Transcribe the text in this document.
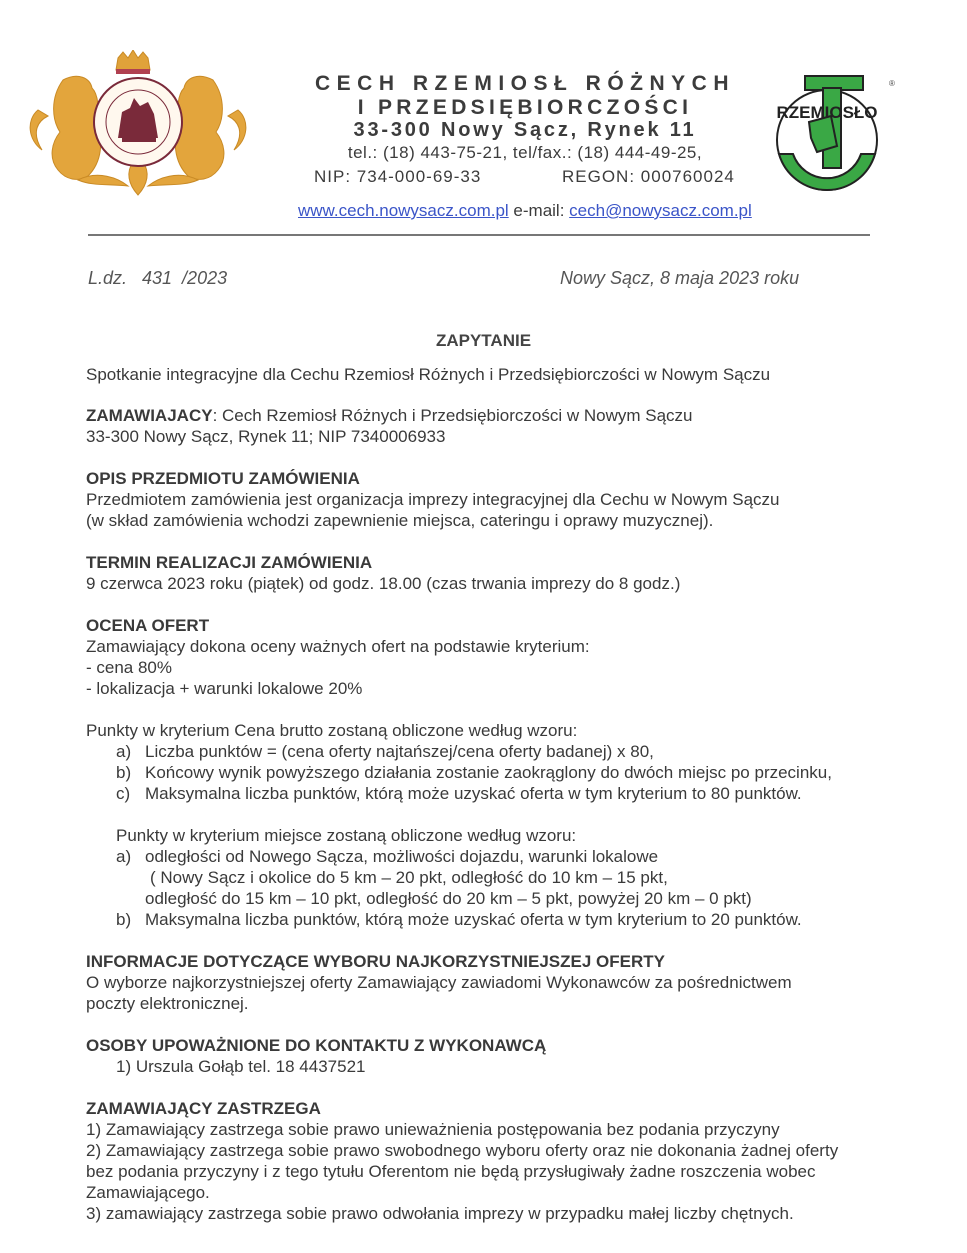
CECH RZEMIOSŁ RÓŻNYCH
I PRZEDSIĘBIORCZOŚCI
33-300 Nowy Sącz, Rynek 11
tel.: (18) 443-75-21, tel/fax.: (18) 444-49-25,
NIP: 734-000-69-33	REGON: 000760024
www.cech.nowysacz.com.pl e-mail: cech@nowysacz.com.pl
RZEMIOSŁO
®
L.dz.   431  /2023	Nowy Sącz, 8 maja 2023 roku
ZAPYTANIE
Spotkanie integracyjne dla Cechu Rzemiosł Różnych i Przedsiębiorczości w Nowym Sączu
ZAMAWIAJACY: Cech Rzemiosł Różnych i Przedsiębiorczości w Nowym Sączu
33-300 Nowy Sącz, Rynek 11; NIP 7340006933
OPIS PRZEDMIOTU ZAMÓWIENIA
Przedmiotem zamówienia jest organizacja imprezy integracyjnej dla Cechu w Nowym Sączu
(w skład zamówienia wchodzi zapewnienie miejsca, cateringu i oprawy muzycznej).
TERMIN REALIZACJI ZAMÓWIENIA
9 czerwca 2023 roku (piątek) od godz. 18.00 (czas trwania imprezy do 8 godz.)
OCENA OFERT
Zamawiający dokona oceny ważnych ofert na podstawie kryterium:
- cena 80%
- lokalizacja + warunki lokalowe 20%
Punkty w kryterium Cena brutto zostaną obliczone według wzoru:
a) Liczba punktów = (cena oferty najtańszej/cena oferty badanej) x 80,
b) Końcowy wynik powyższego działania zostanie zaokrąglony do dwóch miejsc po przecinku,
c) Maksymalna liczba punktów, którą może uzyskać oferta w tym kryterium to 80 punktów.
Punkty w kryterium miejsce zostaną obliczone według wzoru:
a) odległości od Nowego Sącza, możliwości dojazdu, warunki lokalowe
( Nowy Sącz i okolice do 5 km – 20 pkt, odległość do 10 km – 15 pkt,
odległość do 15 km – 10 pkt, odległość do 20 km – 5 pkt, powyżej 20 km – 0 pkt)
b) Maksymalna liczba punktów, którą może uzyskać oferta w tym kryterium to 20 punktów.
INFORMACJE DOTYCZĄCE WYBORU NAJKORZYSTNIEJSZEJ OFERTY
O wyborze najkorzystniejszej oferty Zamawiający zawiadomi Wykonawców za pośrednictwem
poczty elektronicznej.
OSOBY UPOWAŻNIONE DO KONTAKTU Z WYKONAWCĄ
1) Urszula Gołąb tel. 18 4437521
ZAMAWIAJĄCY ZASTRZEGA
1) Zamawiający zastrzega sobie prawo unieważnienia postępowania bez podania przyczyny
2) Zamawiający zastrzega sobie prawo swobodnego wyboru oferty oraz nie dokonania żadnej oferty
bez podania przyczyny i z tego tytułu Oferentom nie będą przysługiwały żadne roszczenia wobec
Zamawiającego.
3) zamawiający zastrzega sobie prawo odwołania imprezy w przypadku małej liczby chętnych.
